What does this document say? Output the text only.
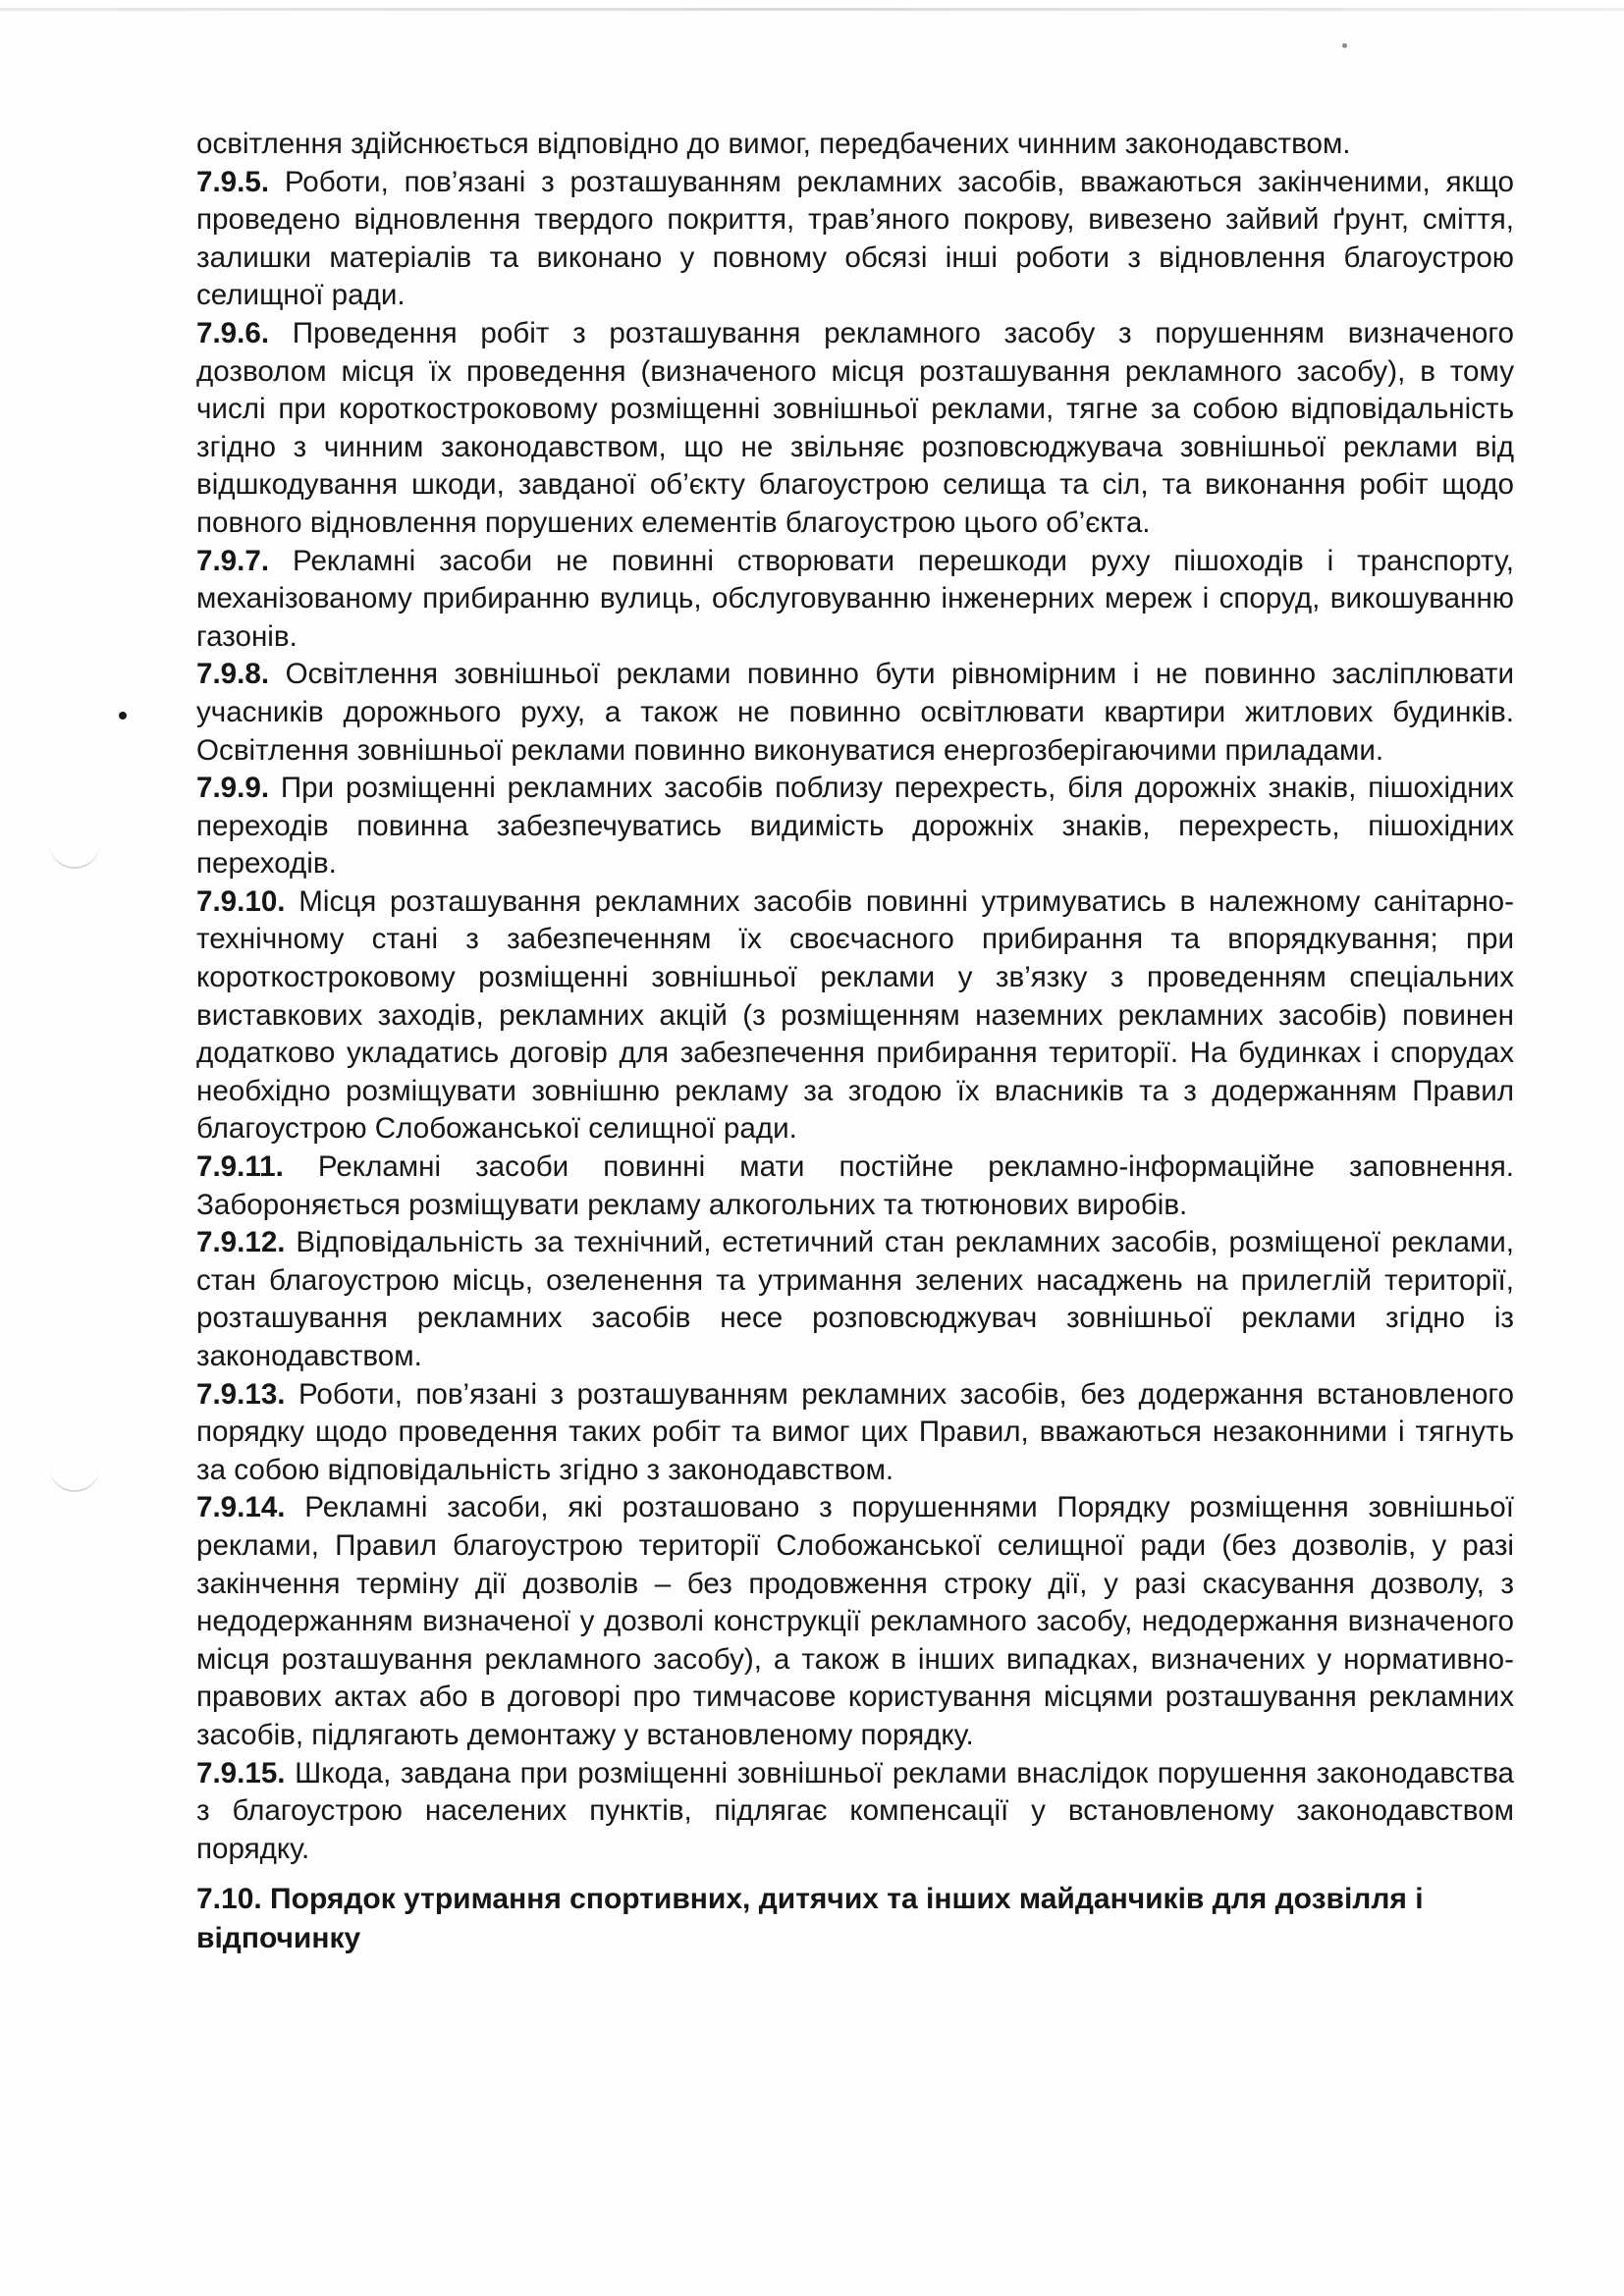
освітлення здійснюється відповідно до вимог, передбачених чинним законодавством.

7.9.5. Роботи, пов’язані з розташуванням рекламних засобів, вважаються закінченими, якщо проведено відновлення твердого покриття, трав’яного покрову, вивезено зайвий ґрунт, сміття, залишки матеріалів та виконано у повному обсязі інші роботи з відновлення благоустрою селищної ради.

7.9.6. Проведення робіт з розташування рекламного засобу з порушенням визначеного дозволом місця їх проведення (визначеного місця розташування рекламного засобу), в тому числі при короткостроковому розміщенні зовнішньої реклами, тягне за собою відповідальність згідно з чинним законодавством, що не звільняє розповсюджувача зовнішньої реклами від відшкодування шкоди, завданої об’єкту благоустрою селища та сіл, та виконання робіт щодо повного відновлення порушених елементів благоустрою цього об’єкта.

7.9.7. Рекламні засоби не повинні створювати перешкоди руху пішоходів і транспорту, механізованому прибиранню вулиць, обслуговуванню інженерних мереж і споруд, викошуванню газонів.

7.9.8. Освітлення зовнішньої реклами повинно бути рівномірним і не повинно засліплювати учасників дорожнього руху, а також не повинно освітлювати квартири житлових будинків. Освітлення зовнішньої реклами повинно виконуватися енергозберігаючими приладами.

7.9.9. При розміщенні рекламних засобів поблизу перехресть, біля дорожніх знаків, пішохідних переходів повинна забезпечуватись видимість дорожніх знаків, перехресть, пішохідних переходів.

7.9.10. Місця розташування рекламних засобів повинні утримуватись в належному санітарно-технічному стані з забезпеченням їх своєчасного прибирання та впорядкування; при короткостроковому розміщенні зовнішньої реклами у зв’язку з проведенням спеціальних виставкових заходів, рекламних акцій (з розміщенням наземних рекламних засобів) повинен додатково укладатись договір для забезпечення прибирання території. На будинках і спорудах необхідно розміщувати зовнішню рекламу за згодою їх власників та з додержанням Правил благоустрою Слобожанської селищної ради.

7.9.11. Рекламні засоби повинні мати постійне рекламно-інформаційне заповнення. Забороняється розміщувати рекламу алкогольних та тютюнових виробів.

7.9.12. Відповідальність за технічний, естетичний стан рекламних засобів, розміщеної реклами, стан благоустрою місць, озеленення та утримання зелених насаджень на прилеглій території, розташування рекламних засобів несе розповсюджувач зовнішньої реклами згідно із законодавством.

7.9.13. Роботи, пов’язані з розташуванням рекламних засобів, без додержання встановленого порядку щодо проведення таких робіт та вимог цих Правил, вважаються незаконними і тягнуть за собою відповідальність згідно з законодавством.

7.9.14. Рекламні засоби, які розташовано з порушеннями Порядку розміщення зовнішньої реклами, Правил благоустрою території Слобожанської селищної ради (без дозволів, у разі закінчення терміну дії дозволів – без продовження строку дії, у разі скасування дозволу, з недодержанням визначеної у дозволі конструкції рекламного засобу, недодержання визначеного місця розташування рекламного засобу), а також в інших випадках, визначених у нормативно-правових актах або в договорі про тимчасове користування місцями розташування рекламних засобів, підлягають демонтажу у встановленому порядку.

7.9.15. Шкода, завдана при розміщенні зовнішньої реклами внаслідок порушення законодавства з благоустрою населених пунктів, підлягає компенсації у встановленому законодавством порядку.

7.10. Порядок утримання спортивних, дитячих та інших майданчиків для дозвілля і відпочинку
